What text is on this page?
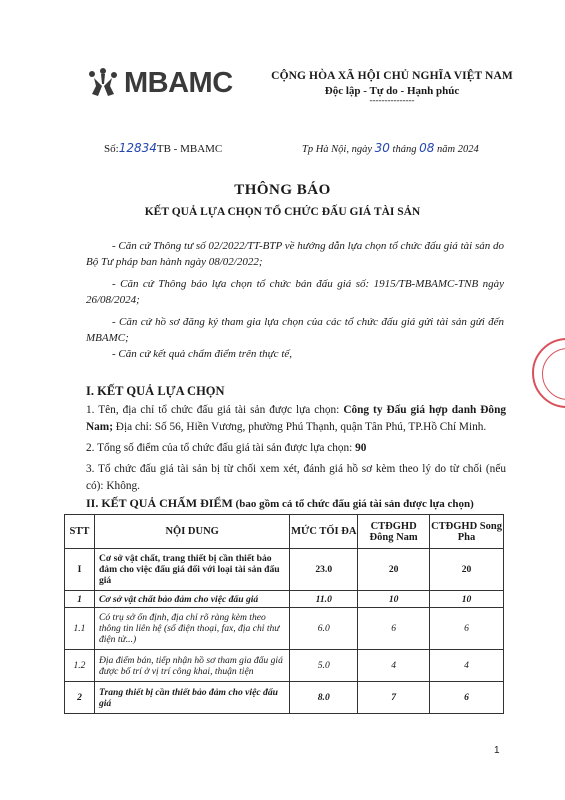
MBAMC	CỘNG HÒA XÃ HỘI CHỦ NGHĨA VIỆT NAM
Độc lập - Tự do - Hạnh phúc
---------------
Số:12834TB - MBAMC	Tp Hà Nội, ngày 30 tháng 08 năm 2024
THÔNG BÁO
KẾT QUẢ LỰA CHỌN TỔ CHỨC ĐẤU GIÁ TÀI SẢN
- Căn cứ Thông tư số 02/2022/TT-BTP về hướng dẫn lựa chọn tổ chức đấu giá tài sản do Bộ Tư pháp ban hành ngày 08/02/2022;
- Căn cứ Thông báo lựa chọn tổ chức bán đấu giá số: 1915/TB-MBAMC-TNB ngày 26/08/2024;
- Căn cứ hồ sơ đăng ký tham gia lựa chọn của các tổ chức đấu giá gửi tài sản gửi đến MBAMC;
- Căn cứ kết quả chấm điểm trên thực tế,
I. KẾT QUẢ LỰA CHỌN
1. Tên, địa chỉ tổ chức đấu giá tài sản được lựa chọn: Công ty Đấu giá hợp danh Đông Nam; Địa chỉ: Số 56, Hiền Vương, phường Phú Thạnh, quận Tân Phú, TP.Hồ Chí Minh.
2. Tổng số điểm của tổ chức đấu giá tài sản được lựa chọn: 90
3. Tổ chức đấu giá tài sản bị từ chối xem xét, đánh giá hồ sơ kèm theo lý do từ chối (nếu có): Không.
II. KẾT QUẢ CHẤM ĐIỂM (bao gồm cả tổ chức đấu giá tài sản được lựa chọn)
STT	NỘI DUNG	MỨC TỐI ĐA	CTĐGHD Đông Nam	CTĐGHD Song Pha
I	Cơ sở vật chất, trang thiết bị cần thiết bảo đảm cho việc đấu giá đối với loại tài sản đấu giá	23.0	20	20
1	Cơ sở vật chất bảo đảm cho việc đấu giá	11.0	10	10
1.1	Có trụ sở ổn định, địa chỉ rõ ràng kèm theo thông tin liên hệ (số điện thoại, fax, địa chỉ thư điện tử...)	6.0	6	6
1.2	Địa điểm bán, tiếp nhận hồ sơ tham gia đấu giá được bố trí ở vị trí công khai, thuận tiện	5.0	4	4
2	Trang thiết bị cần thiết bảo đảm cho việc đấu giá	8.0	7	6
1
